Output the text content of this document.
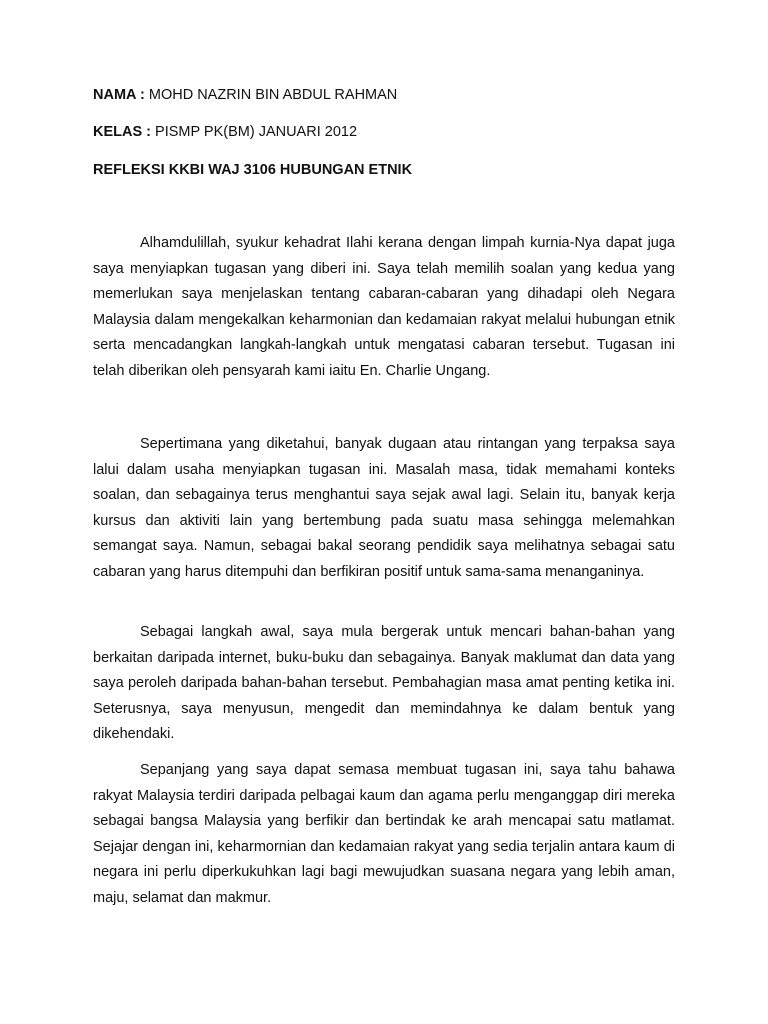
NAMA : MOHD NAZRIN BIN ABDUL RAHMAN
KELAS : PISMP PK(BM) JANUARI 2012
REFLEKSI KKBI WAJ 3106 HUBUNGAN ETNIK

Alhamdulillah, syukur kehadrat Ilahi kerana dengan limpah kurnia-Nya dapat juga saya menyiapkan tugasan yang diberi ini. Saya telah memilih soalan yang kedua yang memerlukan saya menjelaskan tentang cabaran-cabaran yang dihadapi oleh Negara Malaysia dalam mengekalkan keharmonian dan kedamaian rakyat melalui hubungan etnik serta mencadangkan langkah-langkah untuk mengatasi cabaran tersebut. Tugasan ini telah diberikan oleh pensyarah kami iaitu En. Charlie Ungang.

Sepertimana yang diketahui, banyak dugaan atau rintangan yang terpaksa saya lalui dalam usaha menyiapkan tugasan ini. Masalah masa, tidak memahami konteks soalan, dan sebagainya terus menghantui saya sejak awal lagi. Selain itu, banyak kerja kursus dan aktiviti lain yang bertembung pada suatu masa sehingga melemahkan semangat saya. Namun, sebagai bakal seorang pendidik saya melihatnya sebagai satu cabaran yang harus ditempuhi dan berfikiran positif untuk sama-sama menanganinya.

Sebagai langkah awal, saya mula bergerak untuk mencari bahan-bahan yang berkaitan daripada internet, buku-buku dan sebagainya. Banyak maklumat dan data yang saya peroleh daripada bahan-bahan tersebut. Pembahagian masa amat penting ketika ini. Seterusnya, saya menyusun, mengedit dan memindahnya ke dalam bentuk yang dikehendaki.

Sepanjang yang saya dapat semasa membuat tugasan ini, saya tahu bahawa rakyat Malaysia terdiri daripada pelbagai kaum dan agama perlu menganggap diri mereka sebagai bangsa Malaysia yang berfikir dan bertindak ke arah mencapai satu matlamat. Sejajar dengan ini, keharmornian dan kedamaian rakyat yang sedia terjalin antara kaum di negara ini perlu diperkukuhkan lagi bagi mewujudkan suasana negara yang lebih aman, maju, selamat dan makmur.
